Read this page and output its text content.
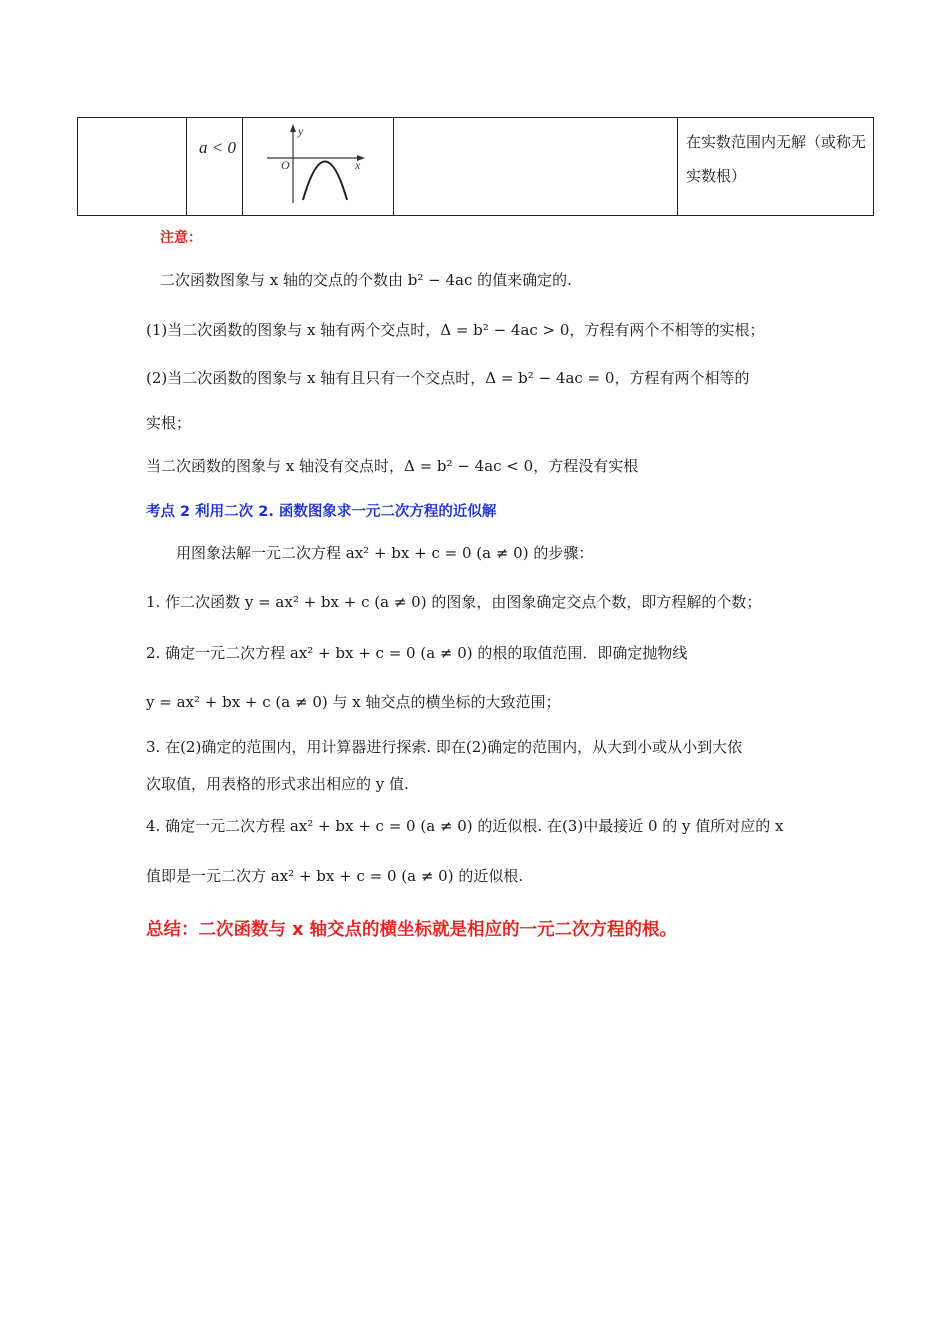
a < 0

y
O	x

在实数范围内无解（或称无实数根）
注意：
二次函数图象与 x 轴的交点的个数由 b² − 4ac 的值来确定的.
(1)当二次函数的图象与 x 轴有两个交点时，Δ = b² − 4ac > 0，方程有两个不相等的实根；
(2)当二次函数的图象与 x 轴有且只有一个交点时，Δ = b² − 4ac = 0，方程有两个相等的
实根；
当二次函数的图象与 x 轴没有交点时，Δ = b² − 4ac < 0，方程没有实根
考点 2 利用二次 2. 函数图象求一元二次方程的近似解
用图象法解一元二次方程 ax² + bx + c = 0 (a ≠ 0) 的步骤：
1. 作二次函数 y = ax² + bx + c (a ≠ 0) 的图象，由图象确定交点个数，即方程解的个数；
2. 确定一元二次方程 ax² + bx + c = 0 (a ≠ 0) 的根的取值范围．即确定抛物线
y = ax² + bx + c (a ≠ 0) 与 x 轴交点的横坐标的大致范围；
3. 在(2)确定的范围内，用计算器进行探索. 即在(2)确定的范围内，从大到小或从小到大依
次取值，用表格的形式求出相应的 y 值.
4. 确定一元二次方程 ax² + bx + c = 0 (a ≠ 0) 的近似根. 在(3)中最接近 0 的 y 值所对应的 x
值即是一元二次方 ax² + bx + c = 0 (a ≠ 0) 的近似根.
总结：二次函数与 x 轴交点的横坐标就是相应的一元二次方程的根。
